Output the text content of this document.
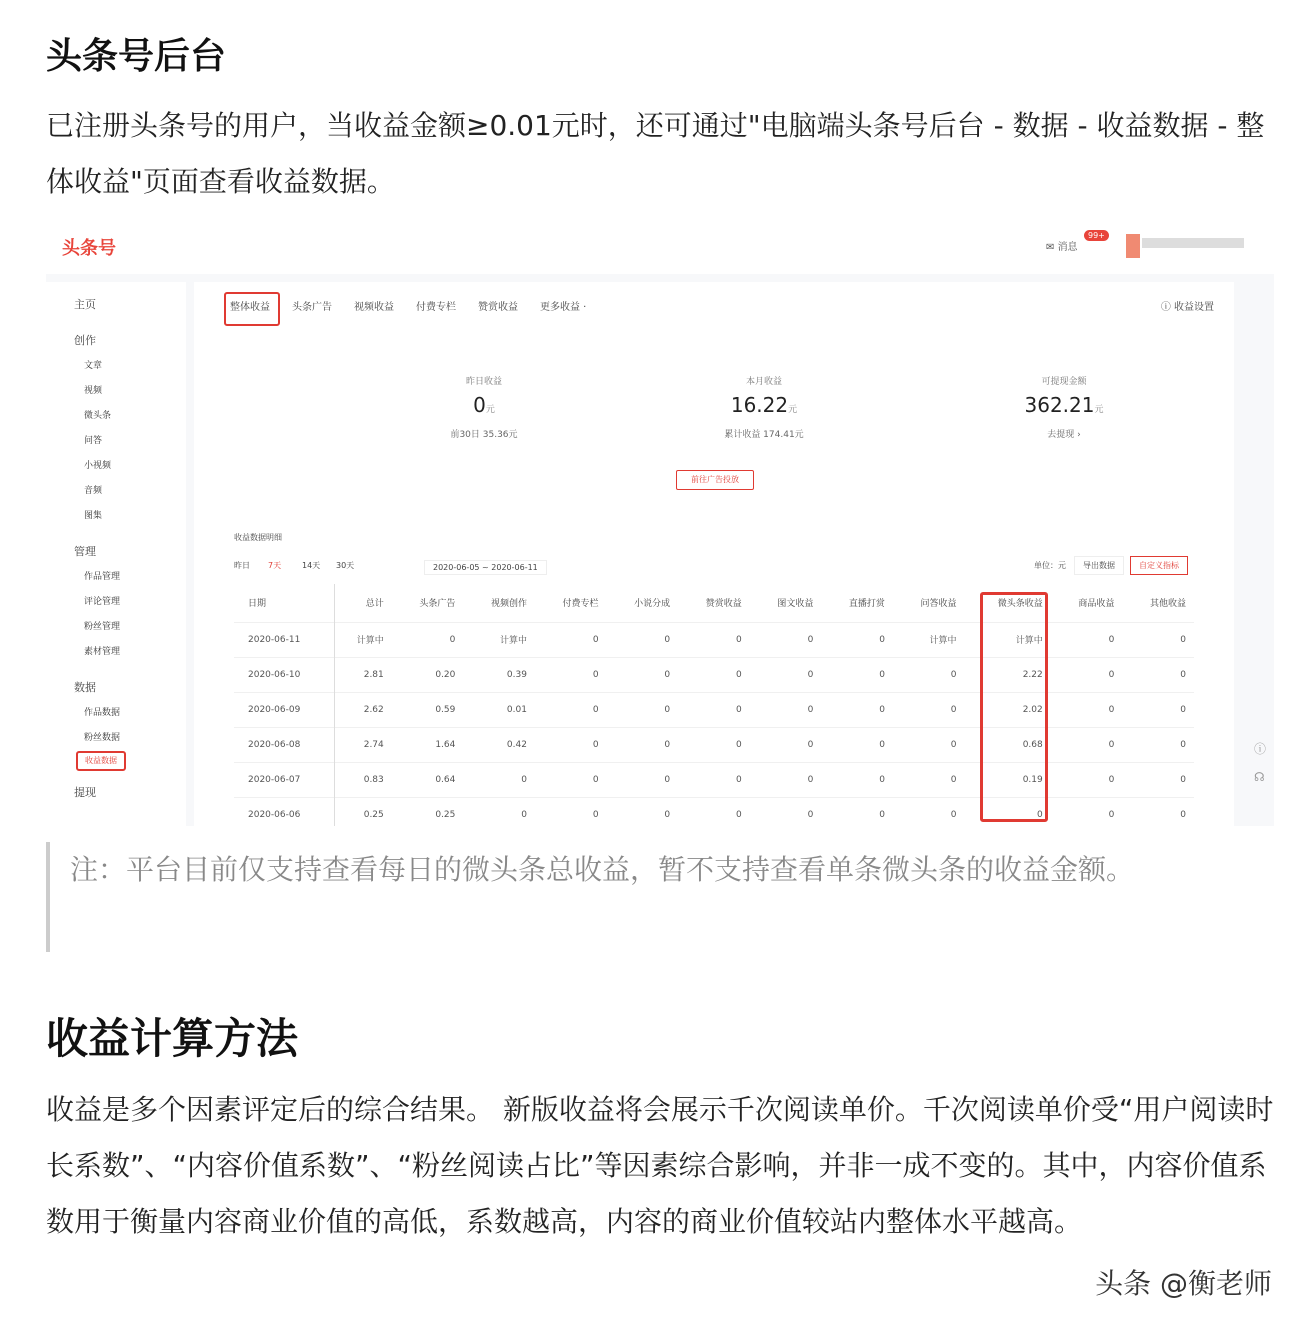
头条号后台
已注册头条号的用户，当收益金额≥0.01元时，还可通过"电脑端头条号后台 - 数据 - 收益数据 - 整体收益"页面查看收益数据。
头条号	✉ 消息
99+
主页
创作
文章
视频
微头条
问答
小视频
音频
图集
管理
作品管理
评论管理
粉丝管理
素材管理
数据
作品数据
粉丝数据
收益数据
提现
ⓘ 收益设置
前往广告投放
收益数据明细
2020-06-05 ~ 2020-06-11	单位：元	导出数据	自定义指标
日期	总计	头条广告	视频创作	付费专栏	小说分成	赞赏收益	图文收益	直播打赏	问答收益	微头条收益	商品收益	其他收益
2020-06-11	计算中	0	计算中	0	0	0	0	0	计算中	计算中	0	0
2020-06-10	2.81	0.20	0.39	0	0	0	0	0	0	2.22	0	0
2020-06-09	2.62	0.59	0.01	0	0	0	0	0	0	2.02	0	0
2020-06-08	2.74	1.64	0.42	0	0	0	0	0	0	0.68	0	0
2020-06-07	0.83	0.64	0	0	0	0	0	0	0	0.19	0	0
2020-06-06	0.25	0.25	0	0	0	0	0	0	0	0	0	0
整体收益 头条广告 视频收益 付费专栏 赞赏收益 更多收益 ·
昨日收益
0元
前30日 35.36元
本月收益
16.22元
累计收益 174.41元
可提现金额
362.21元
去提现 ›
昨日 7天	14天 30天
ⓘ
☊
注：平台目前仅支持查看每日的微头条总收益，暂不支持查看单条微头条的收益金额。
收益计算方法
收益是多个因素评定后的综合结果。 新版收益将会展示千次阅读单价。千次阅读单价受“用户阅读时长系数”、“内容价值系数”、“粉丝阅读占比”等因素综合影响，并非一成不变的。其中，内容价值系数用于衡量内容商业价值的高低，系数越高，内容的商业价值较站内整体水平越高。
头条 @衡老师
